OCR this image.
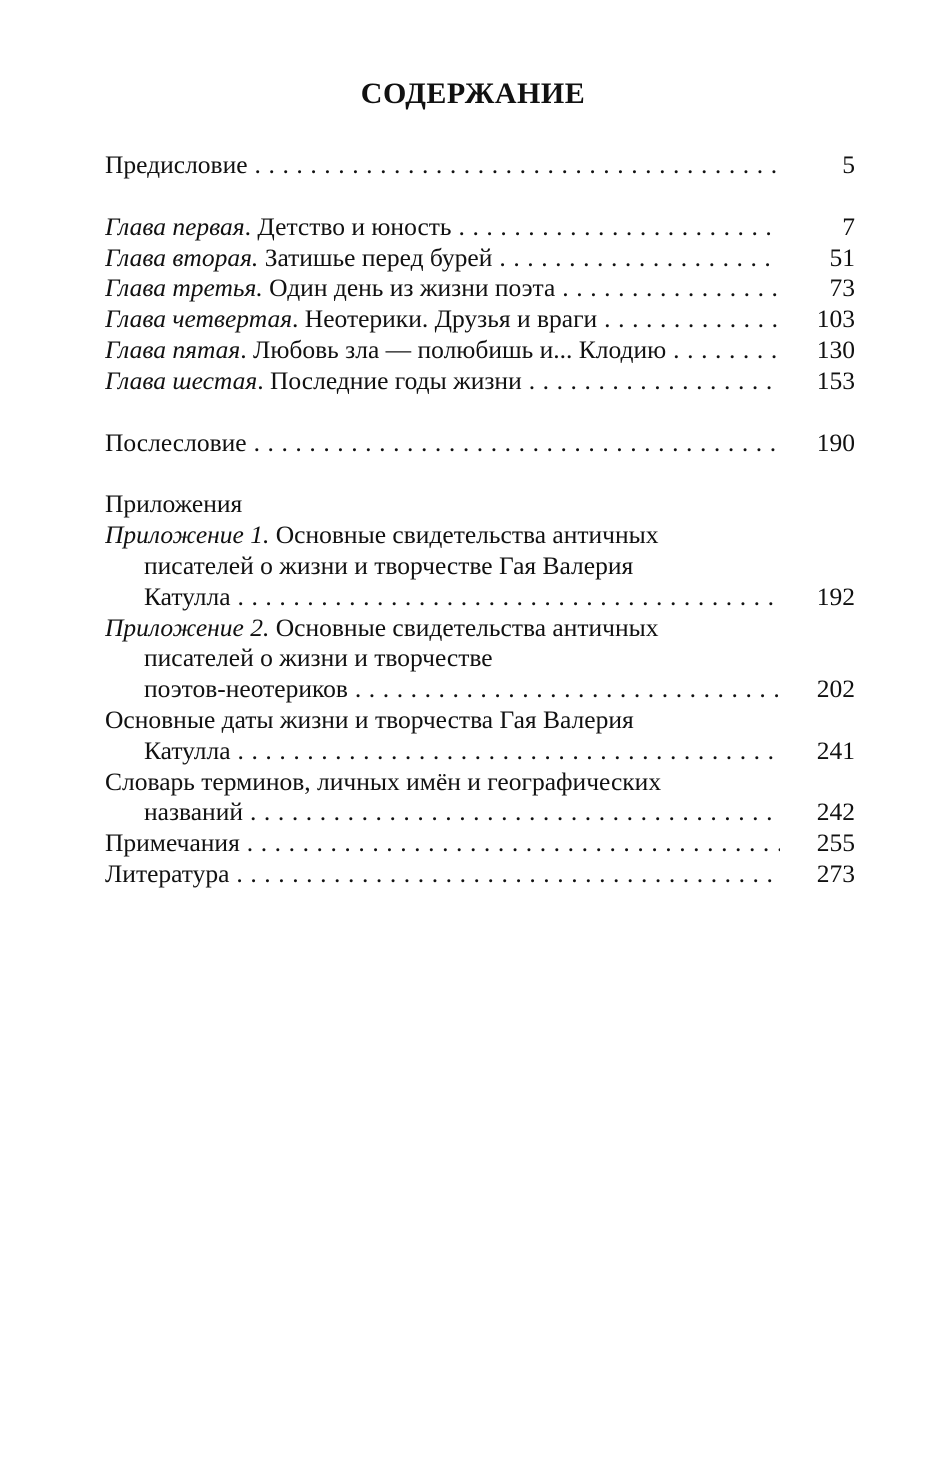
СОДЕРЖАНИЕ
Предисловие . . .	5
Глава первая. Детство и юность . . .	7
Глава вторая. Затишье перед бурей . . .	51
Глава третья. Один день из жизни поэта . . .	73
Глава четвертая. Неотерики. Друзья и враги . . .	103
Глава пятая. Любовь зла — полюбишь и... Клодию . . .	130
Глава шестая. Последние годы жизни . . .	153
Послесловие . . .	190
Приложения
Приложение 1. Основные свидетельства античных
писателей о жизни и творчестве Гая Валерия
Катулла . . .	192
Приложение 2. Основные свидетельства античных
писателей о жизни и творчестве
поэтов-неотериков . . .	202
Основные даты жизни и творчества Гая Валерия
Катулла . . .	241
Словарь терминов, личных имён и географических
названий . . .	242
Примечания . . .	255
Литература . . .	273
